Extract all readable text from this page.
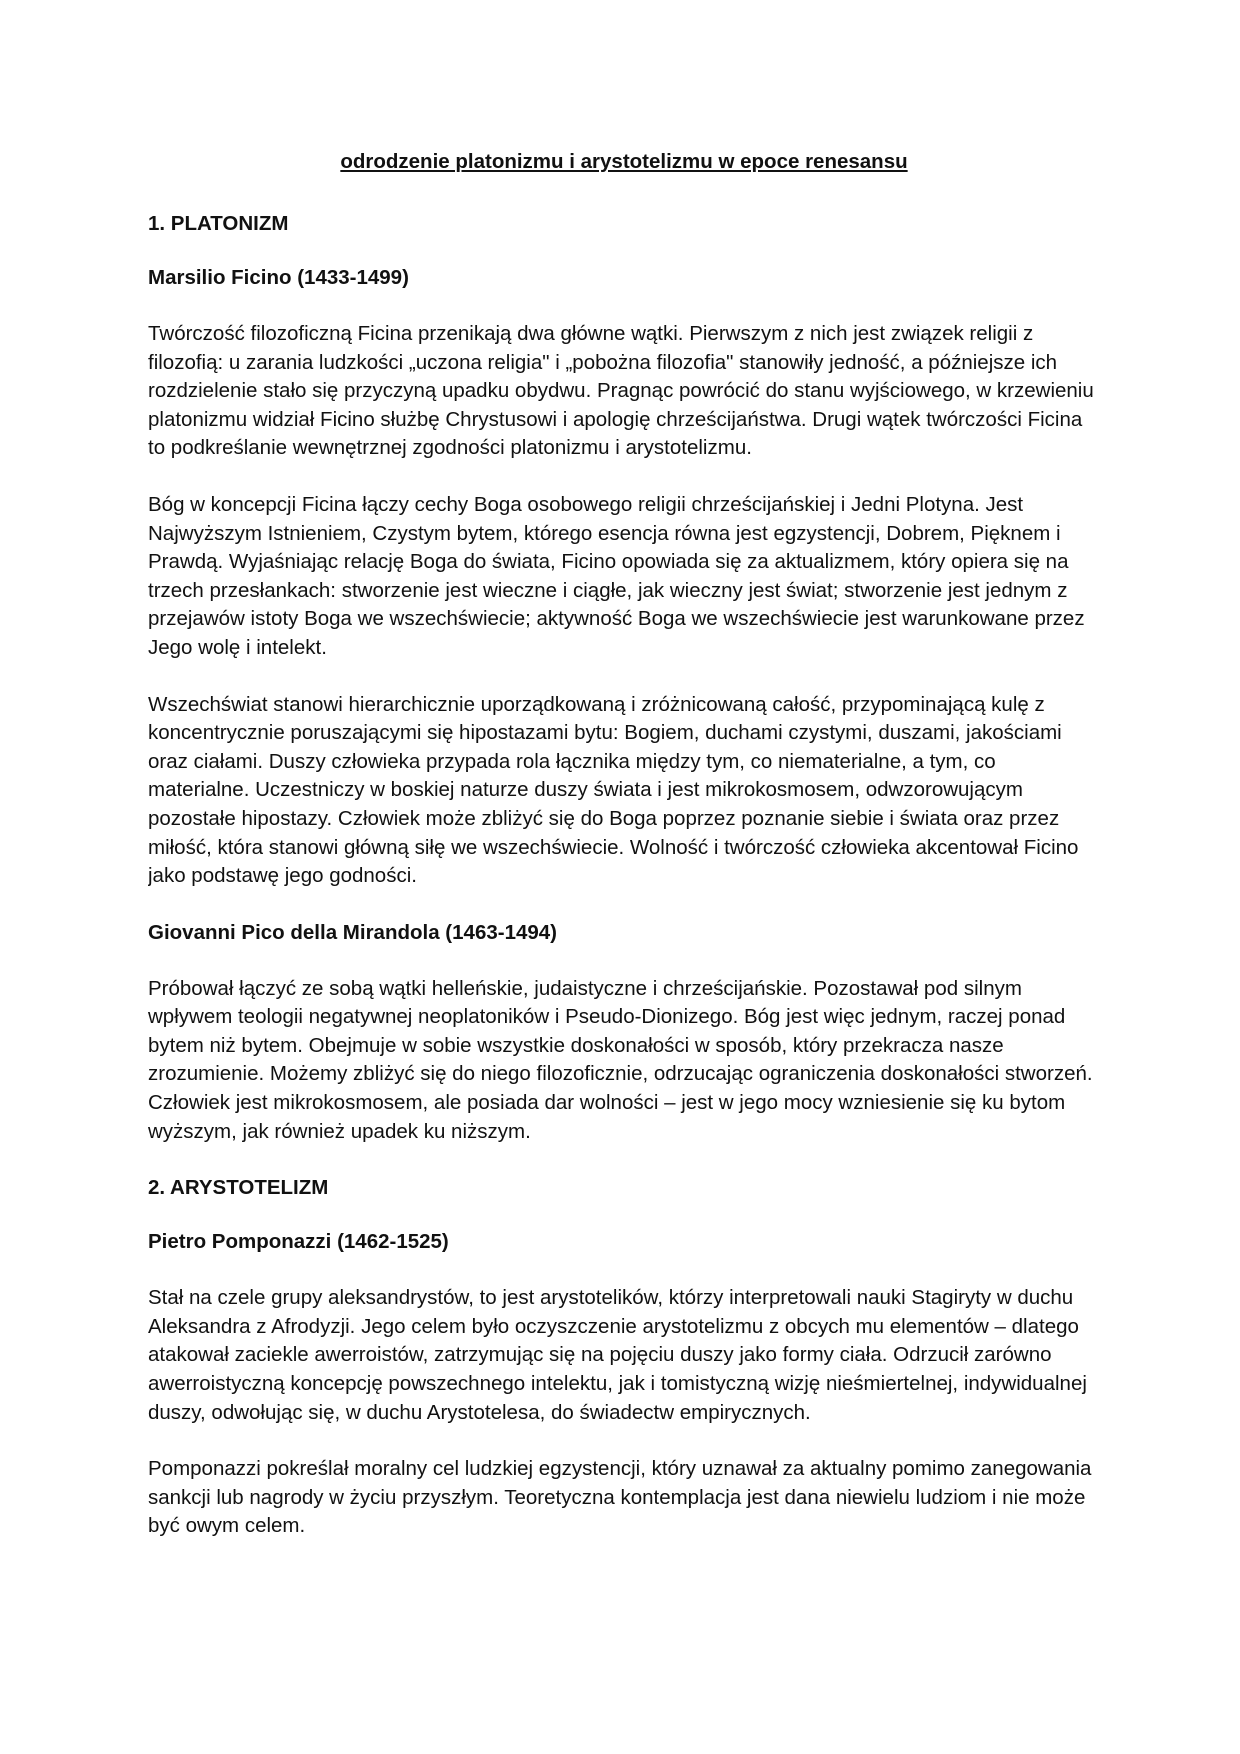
odrodzenie platonizmu i arystotelizmu w epoce renesansu
1. PLATONIZM
Marsilio Ficino (1433-1499)

Twórczość filozoficzną Ficina przenikają dwa główne wątki. Pierwszym z nich jest związek religii z filozofią: u zarania ludzkości „uczona religia" i „pobożna filozofia" stanowiły jedność, a późniejsze ich rozdzielenie stało się przyczyną upadku obydwu. Pragnąc powrócić do stanu wyjściowego, w krzewieniu platonizmu widział Ficino służbę Chrystusowi i apologię chrześcijaństwa. Drugi wątek twórczości Ficina to podkreślanie wewnętrznej zgodności platonizmu i arystotelizmu.

Bóg w koncepcji Ficina łączy cechy Boga osobowego religii chrześcijańskiej i Jedni Plotyna. Jest Najwyższym Istnieniem, Czystym bytem, którego esencja równa jest egzystencji, Dobrem, Pięknem i Prawdą. Wyjaśniając relację Boga do świata, Ficino opowiada się za aktualizmem, który opiera się na trzech przesłankach: stworzenie jest wieczne i ciągłe, jak wieczny jest świat; stworzenie jest jednym z przejawów istoty Boga we wszechświecie; aktywność Boga we wszechświecie jest warunkowane przez Jego wolę i intelekt.

Wszechświat stanowi hierarchicznie uporządkowaną i zróżnicowaną całość, przypominającą kulę z koncentrycznie poruszającymi się hipostazami bytu: Bogiem, duchami czystymi, duszami, jakościami oraz ciałami. Duszy człowieka przypada rola łącznika między tym, co niematerialne, a tym, co materialne. Uczestniczy w boskiej naturze duszy świata i jest mikrokosmosem, odwzorowującym pozostałe hipostazy. Człowiek może zbliżyć się do Boga poprzez poznanie siebie i świata oraz przez miłość, która stanowi główną siłę we wszechświecie. Wolność i twórczość człowieka akcentował Ficino jako podstawę jego godności.

Giovanni Pico della Mirandola (1463-1494)

Próbował łączyć ze sobą wątki helleńskie, judaistyczne i chrześcijańskie. Pozostawał pod silnym wpływem teologii negatywnej neoplatoników i Pseudo-Dionizego. Bóg jest więc jednym, raczej ponad bytem niż bytem. Obejmuje w sobie wszystkie doskonałości w sposób, który przekracza nasze zrozumienie. Możemy zbliżyć się do niego filozoficznie, odrzucając ograniczenia doskonałości stworzeń. Człowiek jest mikrokosmosem, ale posiada dar wolności – jest w jego mocy wzniesienie się ku bytom wyższym, jak również upadek ku niższym.

2. ARYSTOTELIZM
Pietro Pomponazzi (1462-1525)

Stał na czele grupy aleksandrystów, to jest arystotelików, którzy interpretowali nauki Stagiryty w duchu Aleksandra z Afrodyzji. Jego celem było oczyszczenie arystotelizmu z obcych mu elementów – dlatego atakował zaciekle awerroistów, zatrzymując się na pojęciu duszy jako formy ciała. Odrzucił zarówno awerroistyczną koncepcję powszechnego intelektu, jak i tomistyczną wizję nieśmiertelnej, indywidualnej duszy, odwołując się, w duchu Arystotelesa, do świadectw empirycznych.

Pomponazzi pokreślał moralny cel ludzkiej egzystencji, który uznawał za aktualny pomimo zanegowania sankcji lub nagrody w życiu przyszłym. Teoretyczna kontemplacja jest dana niewielu ludziom i nie może być owym celem.
